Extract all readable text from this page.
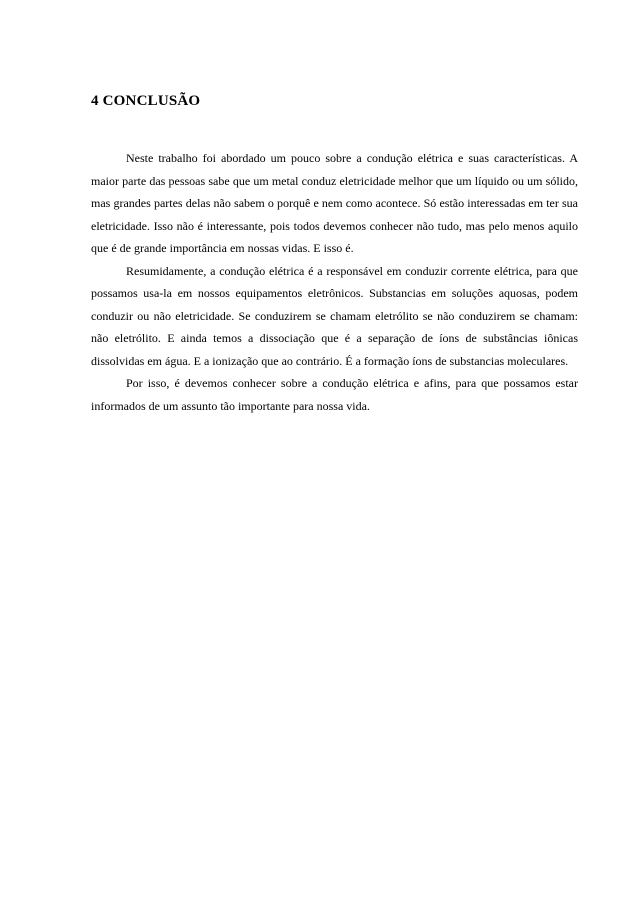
4 CONCLUSÃO

Neste trabalho foi abordado um pouco sobre a condução elétrica e suas características. A maior parte das pessoas sabe que um metal conduz eletricidade melhor que um líquido ou um sólido, mas grandes partes delas não sabem o porquê e nem como acontece. Só estão interessadas em ter sua eletricidade. Isso não é interessante, pois todos devemos conhecer não tudo, mas pelo menos aquilo que é de grande importância em nossas vidas. E isso é.

Resumidamente, a condução elétrica é a responsável em conduzir corrente elétrica, para que possamos usa-la em nossos equipamentos eletrônicos. Substancias em soluções aquosas, podem conduzir ou não eletricidade. Se conduzirem se chamam eletrólito se não conduzirem se chamam: não eletrólito. E ainda temos a dissociação que é a separação de íons de substâncias iônicas dissolvidas em água. E a ionização que ao contrário. É a formação íons de substancias moleculares.

Por isso, é devemos conhecer sobre a condução elétrica e afins, para que possamos estar informados de um assunto tão importante para nossa vida.
